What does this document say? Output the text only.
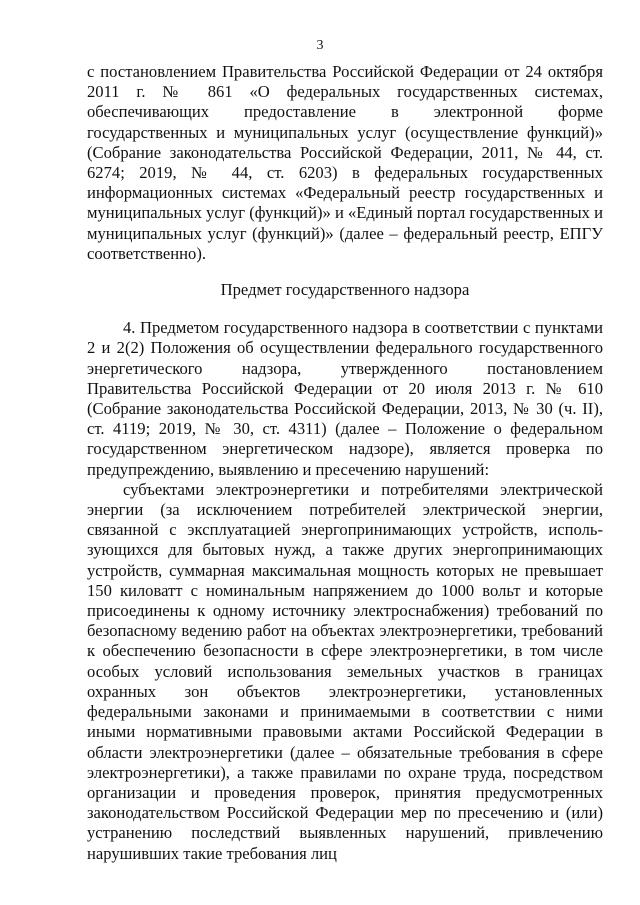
3

с постановлением Правительства Российской Федерации от 24 октября 2011 г. № 861 «О федеральных государственных системах, обеспечивающих предоставление в электронной форме государственных и муниципальных услуг (осуществление функций)» (Собрание законодательства Российской Федерации, 2011, № 44, ст. 6274; 2019, № 44, ст. 6203) в федеральных государственных информационных системах «Федеральный реестр государственных и муниципальных услуг (функций)» и «Единый портал государственных и муниципальных услуг (функций)» (далее – федеральный реестр, ЕПГУ соответственно).

Предмет государственного надзора

4. Предметом государственного надзора в соответствии с пунктами 2 и 2(2) Положения об осуществлении федерального государственного энергетического надзора, утвержденного постановлением Правительства Российской Федерации от 20 июля 2013 г. № 610 (Собрание законодательства Российской Федерации, 2013, № 30 (ч. II), ст. 4119; 2019, № 30, ст. 4311) (далее – Положение о федеральном государственном энергетическом надзоре), является проверка по предупреждению, выявлению и пресечению нарушений:

субъектами электроэнергетики и потребителями электрической энергии (за исключением потребителей электрической энергии, связанной с эксплуатацией энергопринимающих устройств, использующихся для бытовых нужд, а также других энергопринимающих устройств, суммарная максимальная мощность которых не превышает 150 киловатт с номинальным напряжением до 1000 вольт и которые присоединены к одному источнику электроснабжения) требований по безопасному ведению работ на объектах электроэнергетики, требований к обеспечению безопасности в сфере электроэнергетики, в том числе особых условий использования земельных участков в границах охранных зон объектов электроэнергетики, установленных федеральными законами и принимаемыми в соответствии с ними иными нормативными правовыми актами Российской Федерации в области электроэнергетики (далее – обязательные требования в сфере электроэнергетики), а также правилами по охране труда, посредством организации и проведения проверок, принятия предусмотренных законодательством Российской Федерации мер по пресечению и (или) устранению последствий выявленных нарушений, привлечению нарушивших такие требования лиц
